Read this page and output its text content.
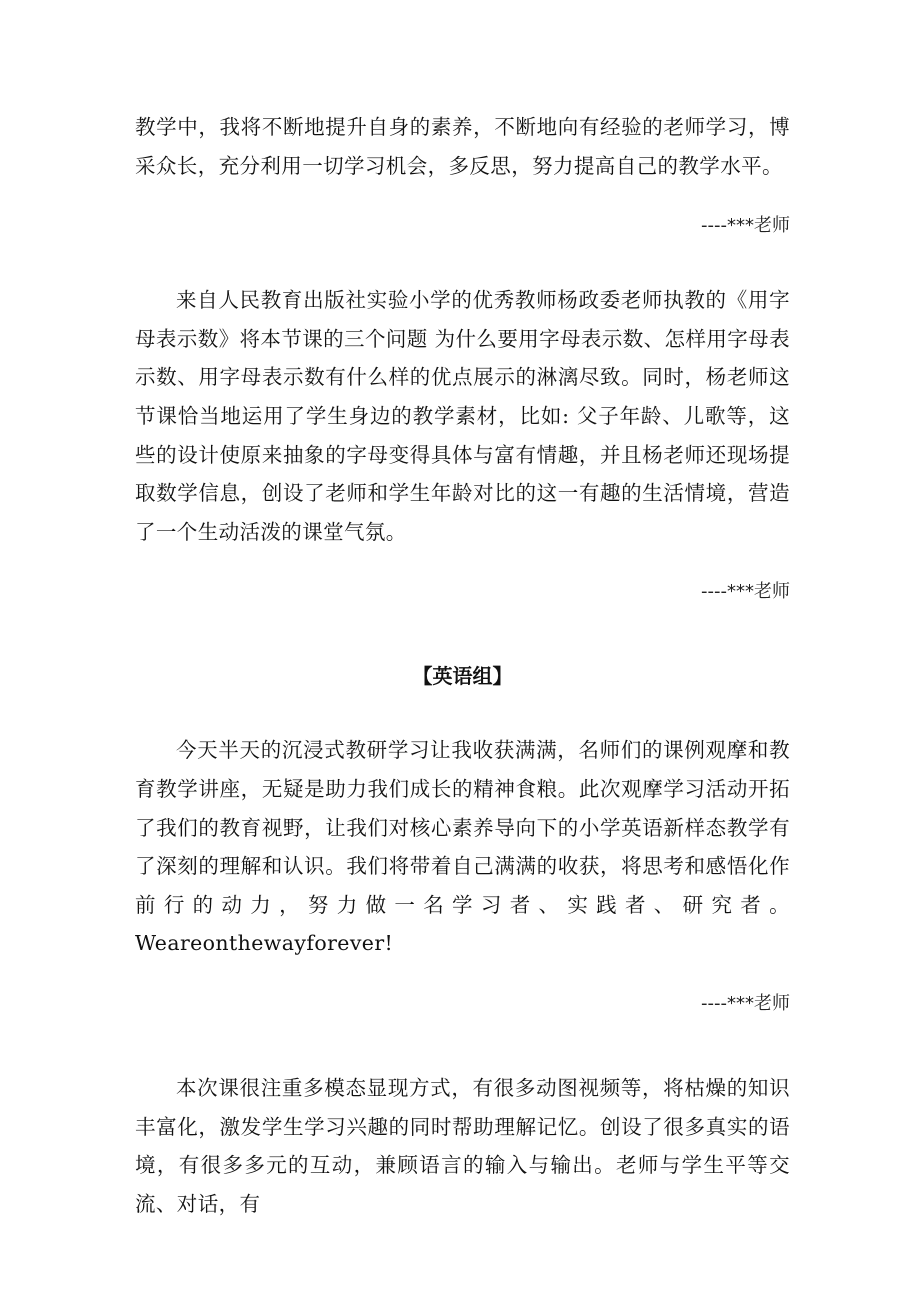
教学中，我将不断地提升自身的素养，不断地向有经验的老师学习，博采众长，充分利用一切学习机会，多反思，努力提高自己的教学水平。

----***老师

来自人民教育出版社实验小学的优秀教师杨政委老师执教的《用字母表示数》将本节课的三个问题 为什么要用字母表示数、怎样用字母表示数、用字母表示数有什么样的优点展示的淋漓尽致。同时，杨老师这节课恰当地运用了学生身边的教学素材，比如: 父子年龄、儿歌等，这些的设计使原来抽象的字母变得具体与富有情趣，并且杨老师还现场提取数学信息，创设了老师和学生年龄对比的这一有趣的生活情境，营造了一个生动活泼的课堂气氛。

----***老师

【英语组】

今天半天的沉浸式教研学习让我收获满满，名师们的课例观摩和教育教学讲座，无疑是助力我们成长的精神食粮。此次观摩学习活动开拓了我们的教育视野，让我们对核心素养导向下的小学英语新样态教学有了深刻的理解和认识。我们将带着自己满满的收获，将思考和感悟化作前行的动力，努力做一名学习者、实践者、研究者。Weareonthewayforever!

----***老师

本次课很注重多模态显现方式，有很多动图视频等，将枯燥的知识丰富化，激发学生学习兴趣的同时帮助理解记忆。创设了很多真实的语境，有很多多元的互动，兼顾语言的输入与输出。老师与学生平等交流、对话，有
